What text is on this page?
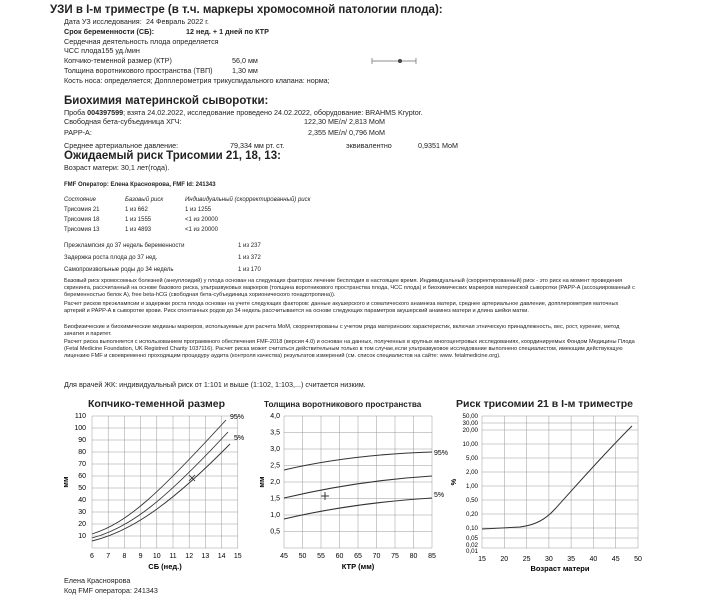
УЗИ в I-м триместре (в т.ч. маркеры хромосомной патологии плода):
Дата УЗ исследования: 24 Февраль 2022 г.
Срок беременности (СБ):	12 нед. + 1 дней по КТР
Сердечная деятельность плода определяется
ЧСС плода155 уд./мин
Копчико-теменной размер (КТР)	56,0 мм
Толщина воротникового пространства (ТВП)	1,30 мм
Кость носа: определяется; Допплерометрия трикуспидального клапана: норма;
Биохимия материнской сыворотки:
Проба 004397599; взята 24.02.2022, исследование проведено 24.02.2022, оборудование: BRAHMS Kryptor.
Свободная бета-субъединица ХГЧ:	122,30 МЕ/л/ 2,813 МоМ
PAPP-A:	2,355 МЕ/л/ 0,796 МоМ
Среднее артериальное давление:	79,334 мм рт. ст.	эквивалентно	0,9351 МоМ
Ожидаемый риск Трисомии 21, 18, 13:
Возраст матери: 30,1 лет(года).
FMF Оператор: Елена Краснoярова, FMF Id: 241343
Состояние	Базовый риск	Индивидуальный (скорректированный) риск
Трисомия 21	1 из 662	1 из 1255
Трисомия 18	1 из 1555	<1 из 20000
Трисомия 13	1 из 4893	<1 из 20000
Преэклампсия до 37 недель беременности	1 из 237
Задержка роста плода до 37 нед.	1 из 372
Самопроизвольные роды до 34 недель	1 из 170
Базовый риск хромосомных болезней (анеуплоидий) у плода основан на следующих факторах лечение бесплодия в настоящее время. Индивидуальный (скорректированный) риск - это риск на момент проведения скрининга, рассчитанный на основе базового риска, ультразвуковых маркеров (толщина воротникового пространства плода, ЧСС плода) и биохимических маркеров материнской сыворотки (PAPP-A (ассоциированный с беременностью белок А), free beta-hCG (свободная бета-субъединица хорионического гонадотропина)).
Расчет рисков преэклампсии и задержки роста плода основан на учете следующих факторов: данные акушерского и соматического анамнеза матери, среднее артериальное давление, допплерометрия маточных артерий и PAPP-A в сыворотке крови. Риск спонтанных родов до 34 недель рассчитывается на основе следующих параметров акушерский анамнез матери и длина шейки матки.
Биофизические и биохимические медианы маркеров, используемые для расчета MoM, скорректированы с учетом ряда материнских характеристик, включая этническую принадлежность, вес, рост, курение, метод зачатия и паритет.
Расчет риска выполняется с использованием программного обеспечения FMF-2018 (версия 4.0) и основан на данных, полученных в крупных многоцентровых исследованиях, координируемых Фондом Медицины Плода (Fetal Medicine Foundation, UK Registred Charity 1037116). Расчет риска может считаться действительным только в том случае,если ультразвуковое исследование выполнено специалистом, имеющим действующую лицензию FMF и своевременно проходящим процедуру аудита (контроля качества) результатов измерений (см. список специалистов на сайте: www. fetalmedicine.org).
Для врачей ЖК: индивидуальный риск от 1:101 и выше (1:102, 1:103,...) считается низким.
Копчико-теменной размер	Толщина воротникового пространства	Риск трисомии 21 в I-м триместре
95%
5%
110
100
90
80
70
60
50
40
30
20
10
6 7 8 9 10 11 12 13 14 15
СБ (нед.)
мм
95%
5%
4,0
3,5
3,0
2,5
2,0
1,5
1,0
0,5
45 50 55 60 65 70 75 80 85
КТР (мм)
мм
50,00
30,00
20,00
10,00
5,00
2,00
1,00
0,50
0,20
0,10
0,05
0,02
0,01
15 20 25 30 35 40 45 50
Возраст матери
%
Елена Краснoярова
Код FMF оператора: 241343
